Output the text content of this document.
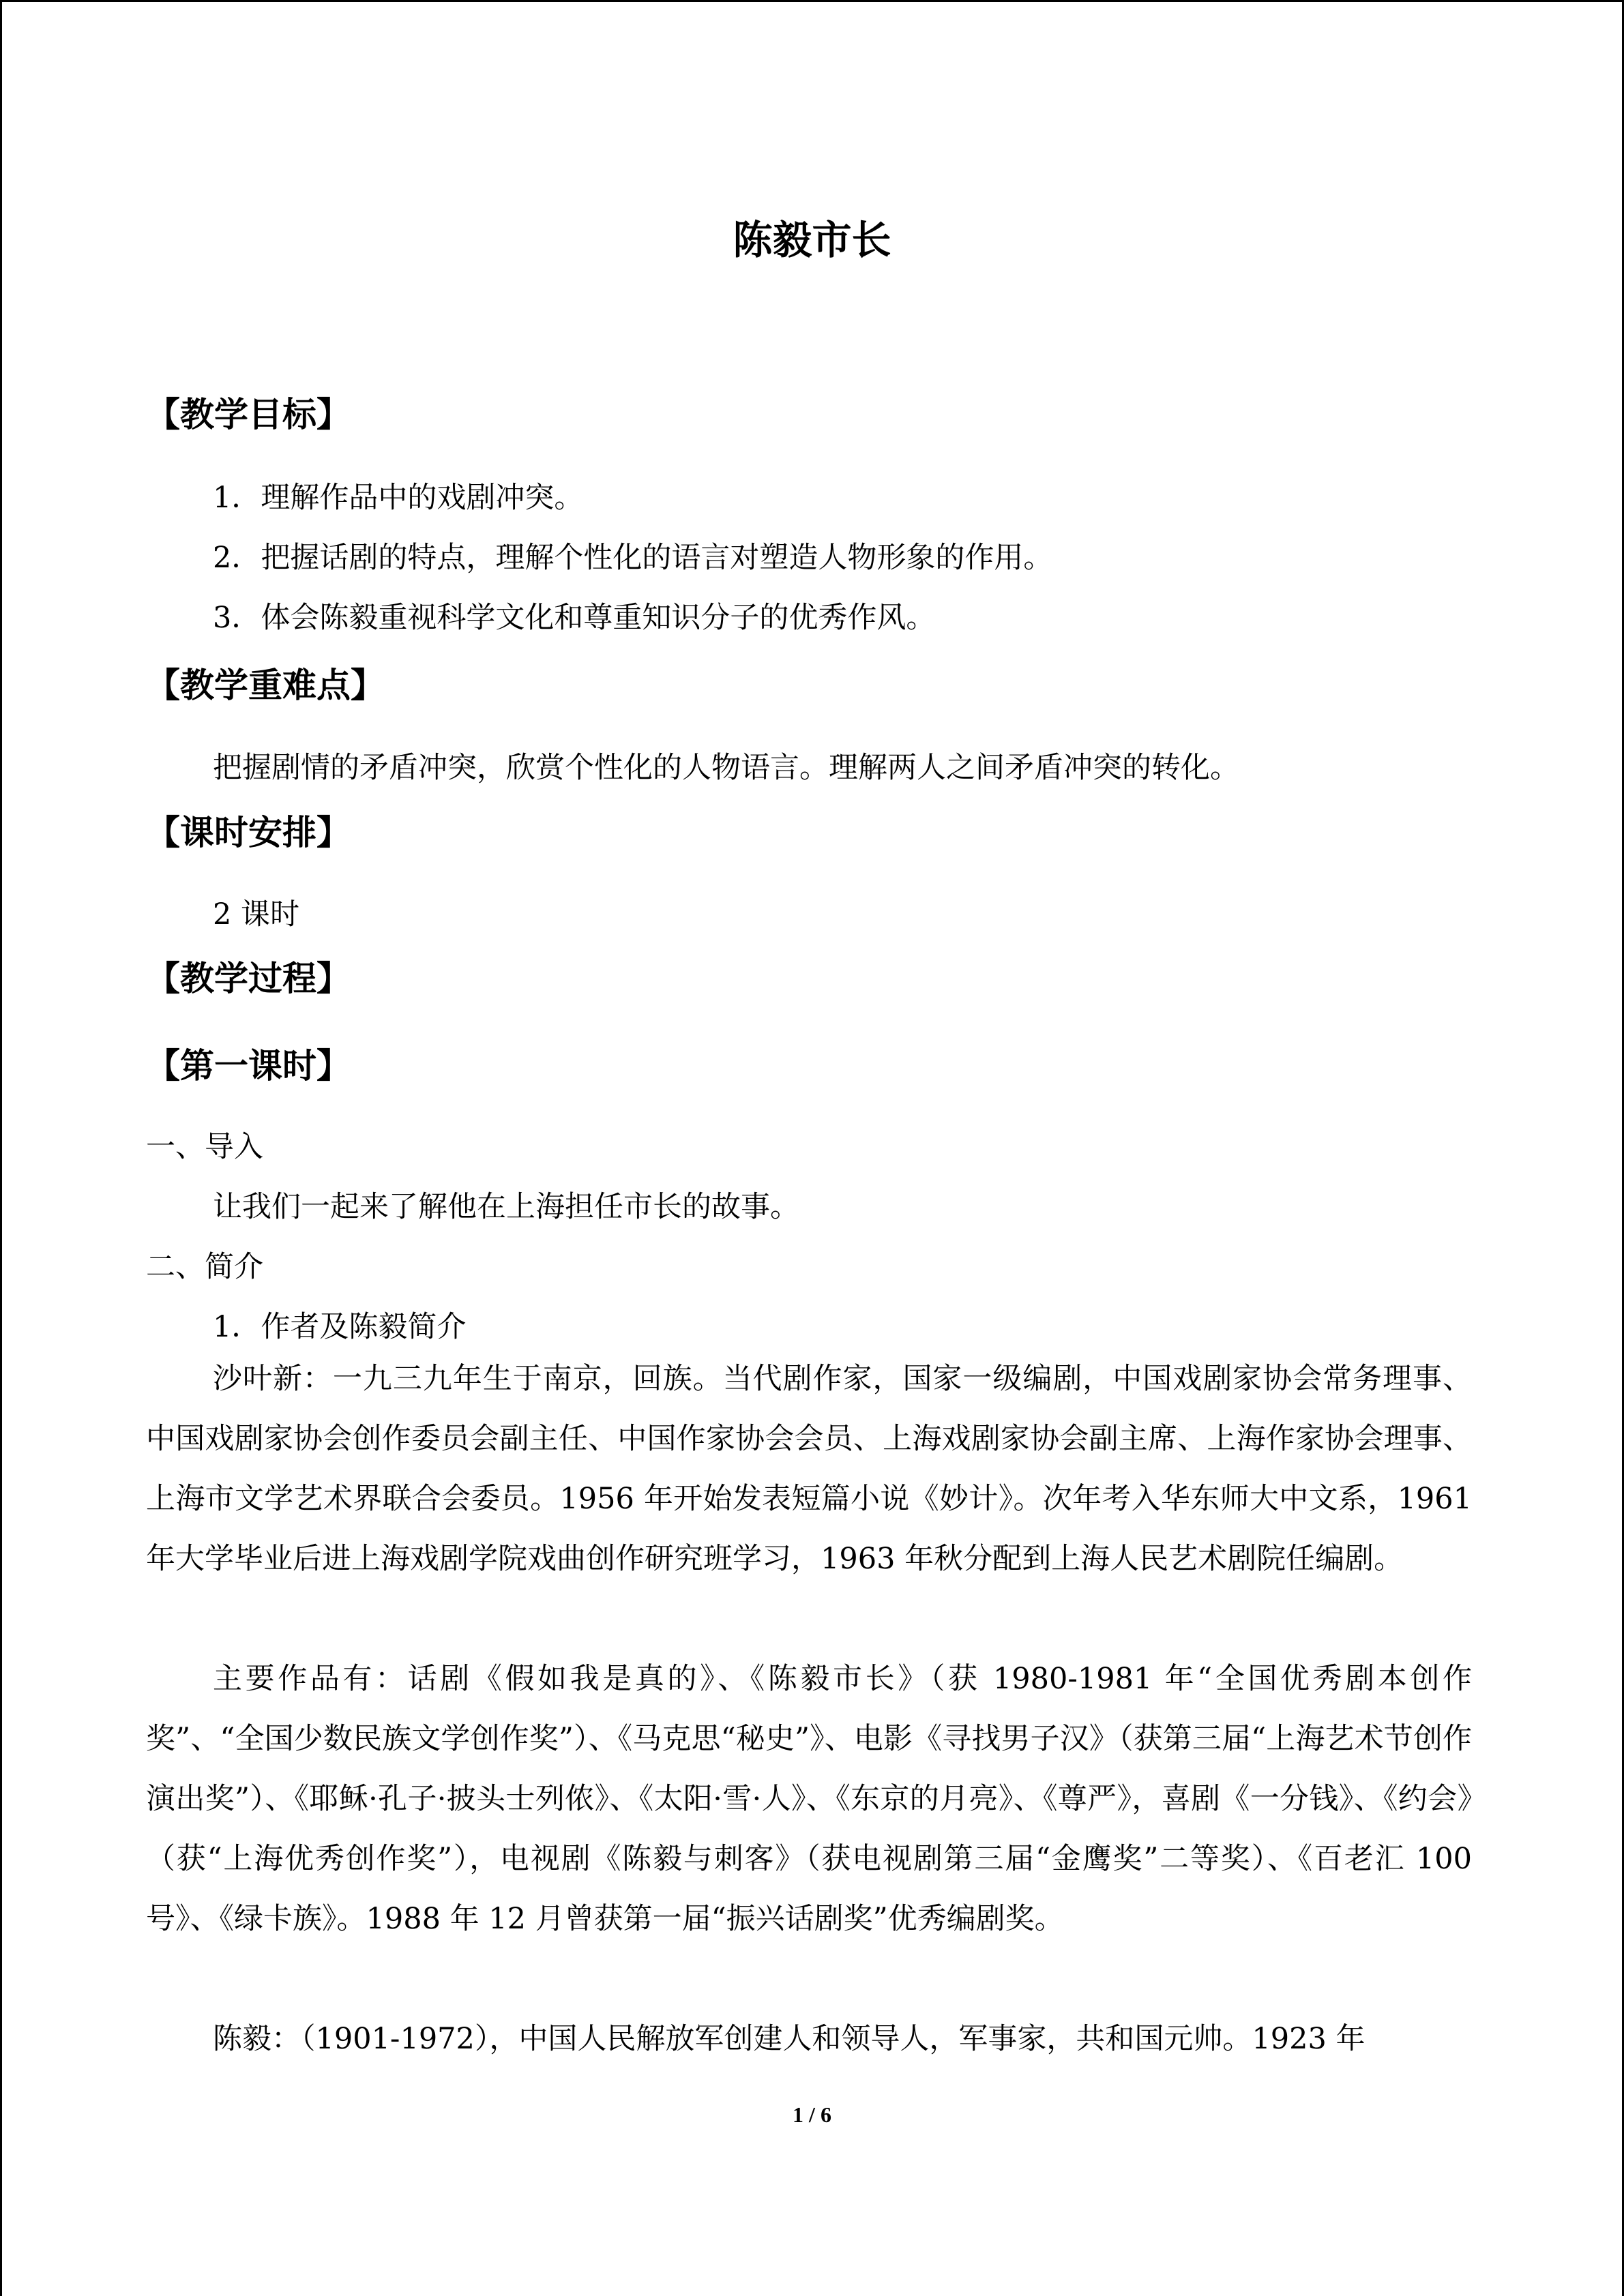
陈毅市长
【教学目标】
1．理解作品中的戏剧冲突。
2．把握话剧的特点，理解个性化的语言对塑造人物形象的作用。
3．体会陈毅重视科学文化和尊重知识分子的优秀作风。
【教学重难点】
把握剧情的矛盾冲突，欣赏个性化的人物语言。理解两人之间矛盾冲突的转化。
【课时安排】
2 课时
【教学过程】
【第一课时】
一、导入
让我们一起来了解他在上海担任市长的故事。
二、简介
1．作者及陈毅简介

沙叶新：一九三九年生于南京，回族。当代剧作家，国家一级编剧，中国戏剧家协会常务理事、中国戏剧家协会创作委员会副主任、中国作家协会会员、上海戏剧家协会副主席、上海作家协会理事、上海市文学艺术界联合会委员。1956 年开始发表短篇小说《妙计》。次年考入华东师大中文系，1961 年大学毕业后进上海戏剧学院戏曲创作研究班学习，1963 年秋分配到上海人民艺术剧院任编剧。

主要作品有：话剧《假如我是真的》、《陈毅市长》（获 1980-1981 年“全国优秀剧本创作奖”、“全国少数民族文学创作奖”）、《马克思“秘史”》、电影《寻找男子汉》（获第三届“上海艺术节创作演出奖”）、《耶稣·孔子·披头士列侬》、《太阳·雪·人》、《东京的月亮》、《尊严》，喜剧《一分钱》、《约会》（获“上海优秀创作奖”），电视剧《陈毅与刺客》（获电视剧第三届“金鹰奖”二等奖）、《百老汇 100 号》、《绿卡族》。1988 年 12 月曾获第一届“振兴话剧奖”优秀编剧奖。

陈毅：（1901-1972），中国人民解放军创建人和领导人，军事家，共和国元帅。1923 年

1 / 6
